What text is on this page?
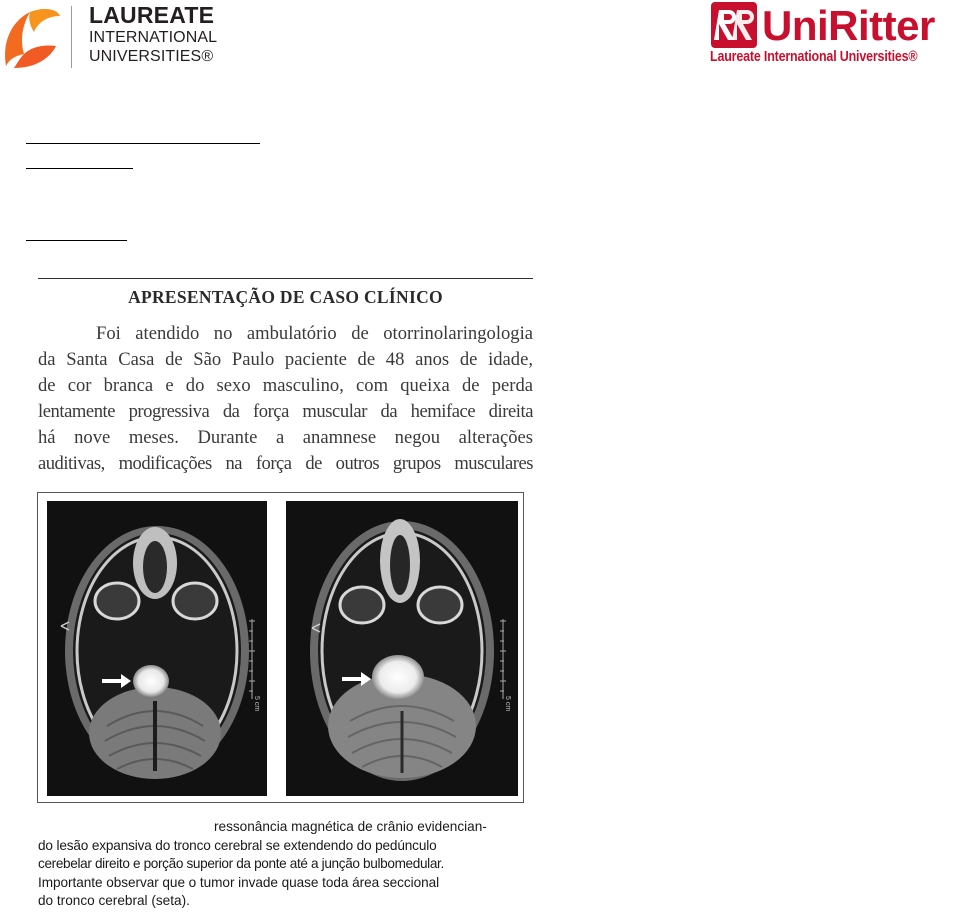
LAUREATE
INTERNATIONAL
UNIVERSITIES®
UniRitter
Laureate International Universities®
APRESENTAÇÃO DE CASO CLÍNICO
Foi atendido no ambulatório de otorrinolaringologia
da Santa Casa de São Paulo paciente de 48 anos de idade,
de cor branca e do sexo masculino, com queixa de perda
lentamente progressiva da força muscular da hemiface direita
há nove meses. Durante a anamnese negou alterações
auditivas, modificações na força de outros grupos musculares
5 cm	5 cm
ressonância magnética de crânio evidencian-
do lesão expansiva do tronco cerebral se extendendo do pedúnculo
cerebelar direito e porção superior da ponte até a junção bulbomedular.
Importante observar que o tumor invade quase toda área seccional
do tronco cerebral (seta).
